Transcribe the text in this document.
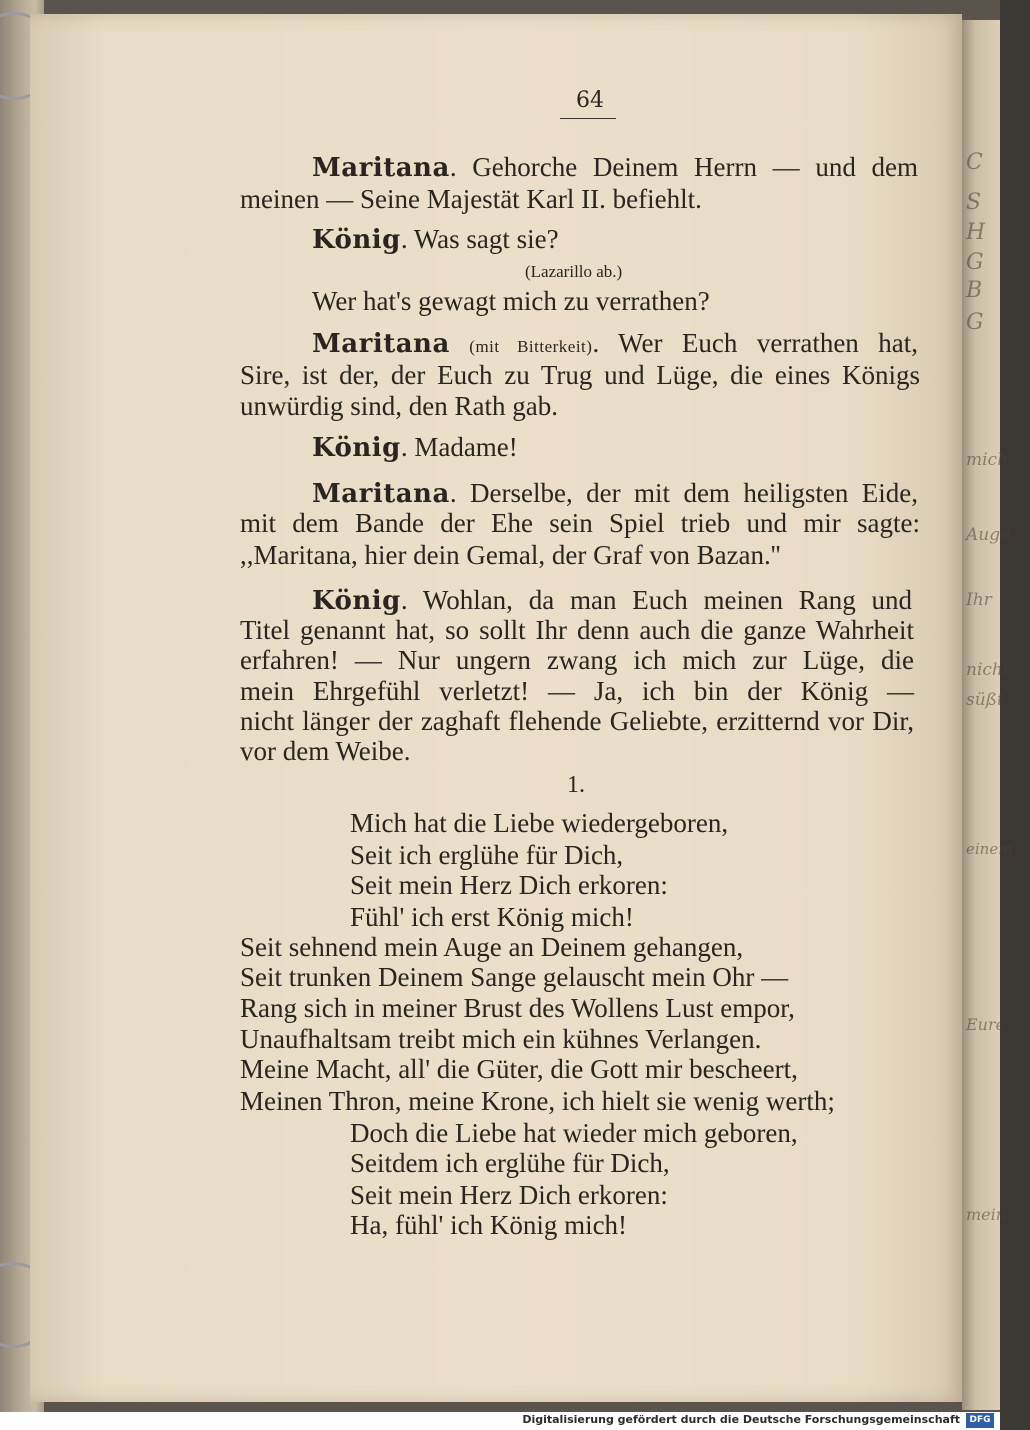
C
S
H
G
B
G
mich
Auge
Ihr
nicht
süßt
einem
Eure
mein
64
Maritana. Gehorche Deinem Herrn — und dem
meinen — Seine Majestät Karl II. befiehlt.
König. Was sagt sie?
(Lazarillo ab.)
Wer hat's gewagt mich zu verrathen?
Maritana (mit Bitterkeit). Wer Euch verrathen hat,
Sire, ist der, der Euch zu Trug und Lüge, die eines Königs
unwürdig sind, den Rath gab.
König. Madame!
Maritana. Derselbe, der mit dem heiligsten Eide,
mit dem Bande der Ehe sein Spiel trieb und mir sagte:
,,Maritana, hier dein Gemal, der Graf von Bazan.''
König. Wohlan, da man Euch meinen Rang und
Titel genannt hat, so sollt Ihr denn auch die ganze Wahrheit
erfahren! — Nur ungern zwang ich mich zur Lüge, die
mein Ehrgefühl verletzt! — Ja, ich bin der König —
nicht länger der zaghaft flehende Geliebte, erzitternd vor Dir,
vor dem Weibe.
1.
Mich hat die Liebe wiedergeboren,
Seit ich erglühe für Dich,
Seit mein Herz Dich erkoren:
Fühl' ich erst König mich!
Seit sehnend mein Auge an Deinem gehangen,
Seit trunken Deinem Sange gelauscht mein Ohr —
Rang sich in meiner Brust des Wollens Lust empor,
Unaufhaltsam treibt mich ein kühnes Verlangen.
Meine Macht, all' die Güter, die Gott mir bescheert,
Meinen Thron, meine Krone, ich hielt sie wenig werth;
Doch die Liebe hat wieder mich geboren,
Seitdem ich erglühe für Dich,
Seit mein Herz Dich erkoren:
Ha, fühl' ich König mich!
Digitalisierung gefördert durch die Deutsche Forschungsgemeinschaft	DFG
